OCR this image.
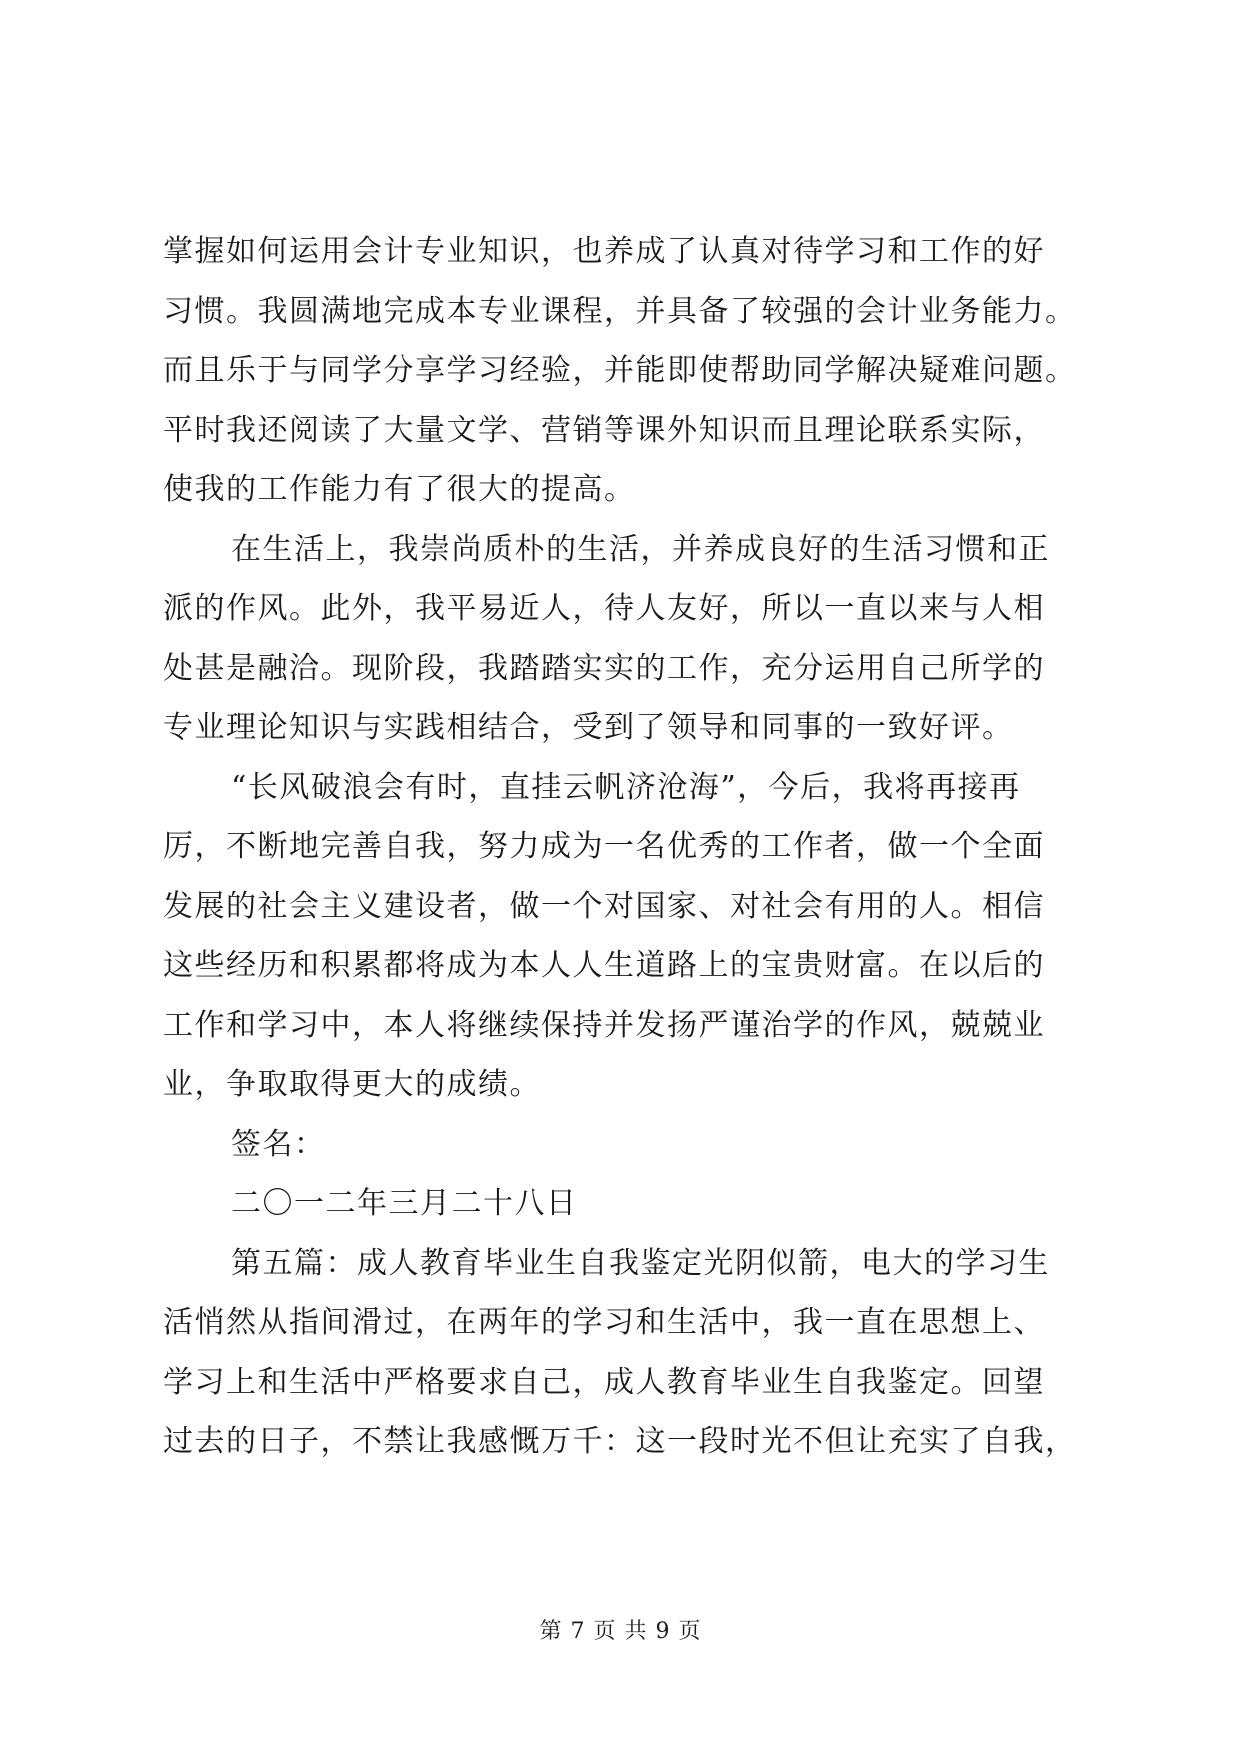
掌握如何运用会计专业知识，也养成了认真对待学习和工作的好
习惯。我圆满地完成本专业课程，并具备了较强的会计业务能力。
而且乐于与同学分享学习经验，并能即使帮助同学解决疑难问题。
平时我还阅读了大量文学、营销等课外知识而且理论联系实际，
使我的工作能力有了很大的提高。
在生活上，我崇尚质朴的生活，并养成良好的生活习惯和正
派的作风。此外，我平易近人，待人友好，所以一直以来与人相
处甚是融洽。现阶段，我踏踏实实的工作，充分运用自己所学的
专业理论知识与实践相结合，受到了领导和同事的一致好评。
“长风破浪会有时，直挂云帆济沧海”，今后，我将再接再
厉，不断地完善自我，努力成为一名优秀的工作者，做一个全面
发展的社会主义建设者，做一个对国家、对社会有用的人。相信
这些经历和积累都将成为本人人生道路上的宝贵财富。在以后的
工作和学习中，本人将继续保持并发扬严谨治学的作风，兢兢业
业，争取取得更大的成绩。
签名：
二〇一二年三月二十八日
第五篇：成人教育毕业生自我鉴定光阴似箭，电大的学习生
活悄然从指间滑过，在两年的学习和生活中，我一直在思想上、
学习上和生活中严格要求自己，成人教育毕业生自我鉴定。回望
过去的日子，不禁让我感慨万千：这一段时光不但让充实了自我，
第 7 页 共 9 页
